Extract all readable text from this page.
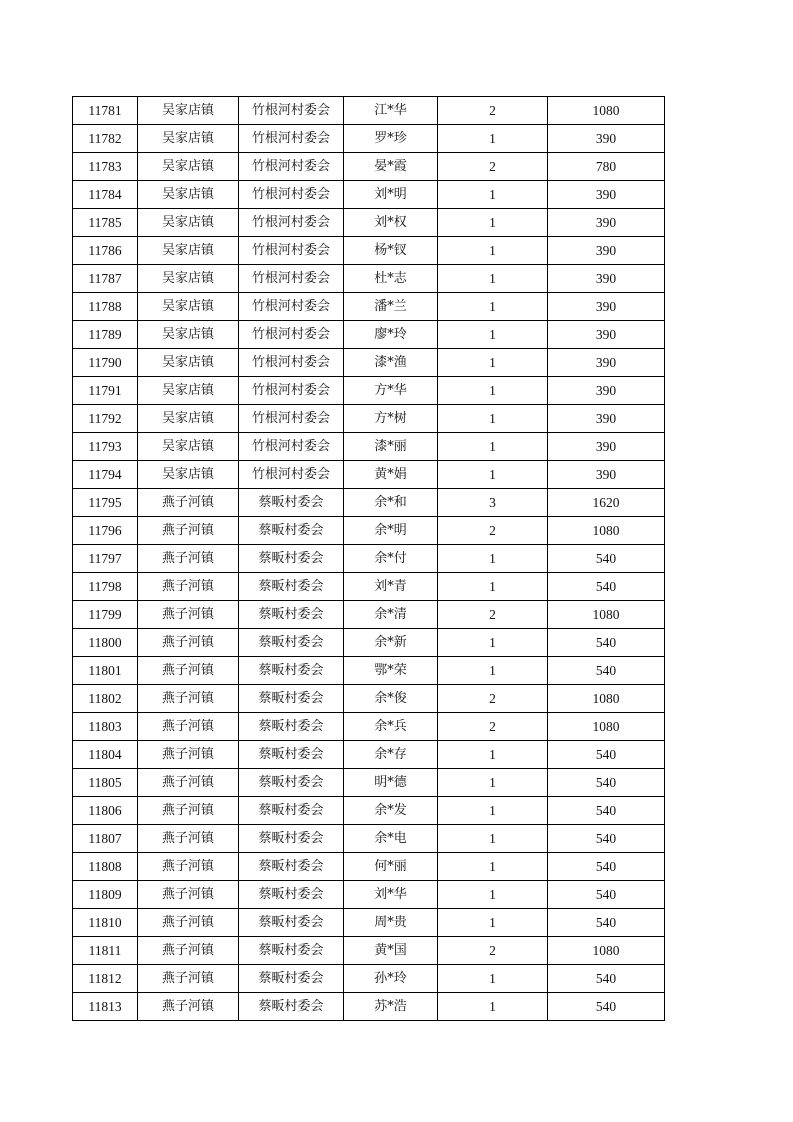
11781	吴家店镇	竹根河村委会	江*华	2	1080
11782	吴家店镇	竹根河村委会	罗*珍	1	390
11783	吴家店镇	竹根河村委会	晏*霞	2	780
11784	吴家店镇	竹根河村委会	刘*明	1	390
11785	吴家店镇	竹根河村委会	刘*权	1	390
11786	吴家店镇	竹根河村委会	杨*钗	1	390
11787	吴家店镇	竹根河村委会	杜*志	1	390
11788	吴家店镇	竹根河村委会	潘*兰	1	390
11789	吴家店镇	竹根河村委会	廖*玲	1	390
11790	吴家店镇	竹根河村委会	漆*渔	1	390
11791	吴家店镇	竹根河村委会	方*华	1	390
11792	吴家店镇	竹根河村委会	方*树	1	390
11793	吴家店镇	竹根河村委会	漆*丽	1	390
11794	吴家店镇	竹根河村委会	黄*娟	1	390
11795	燕子河镇	蔡畈村委会	余*和	3	1620
11796	燕子河镇	蔡畈村委会	余*明	2	1080
11797	燕子河镇	蔡畈村委会	余*付	1	540
11798	燕子河镇	蔡畈村委会	刘*青	1	540
11799	燕子河镇	蔡畈村委会	余*清	2	1080
11800	燕子河镇	蔡畈村委会	余*新	1	540
11801	燕子河镇	蔡畈村委会	鄂*荣	1	540
11802	燕子河镇	蔡畈村委会	余*俊	2	1080
11803	燕子河镇	蔡畈村委会	余*兵	2	1080
11804	燕子河镇	蔡畈村委会	余*存	1	540
11805	燕子河镇	蔡畈村委会	明*德	1	540
11806	燕子河镇	蔡畈村委会	余*发	1	540
11807	燕子河镇	蔡畈村委会	余*电	1	540
11808	燕子河镇	蔡畈村委会	何*丽	1	540
11809	燕子河镇	蔡畈村委会	刘*华	1	540
11810	燕子河镇	蔡畈村委会	周*贵	1	540
11811	燕子河镇	蔡畈村委会	黄*国	2	1080
11812	燕子河镇	蔡畈村委会	孙*玲	1	540
11813	燕子河镇	蔡畈村委会	苏*浩	1	540
